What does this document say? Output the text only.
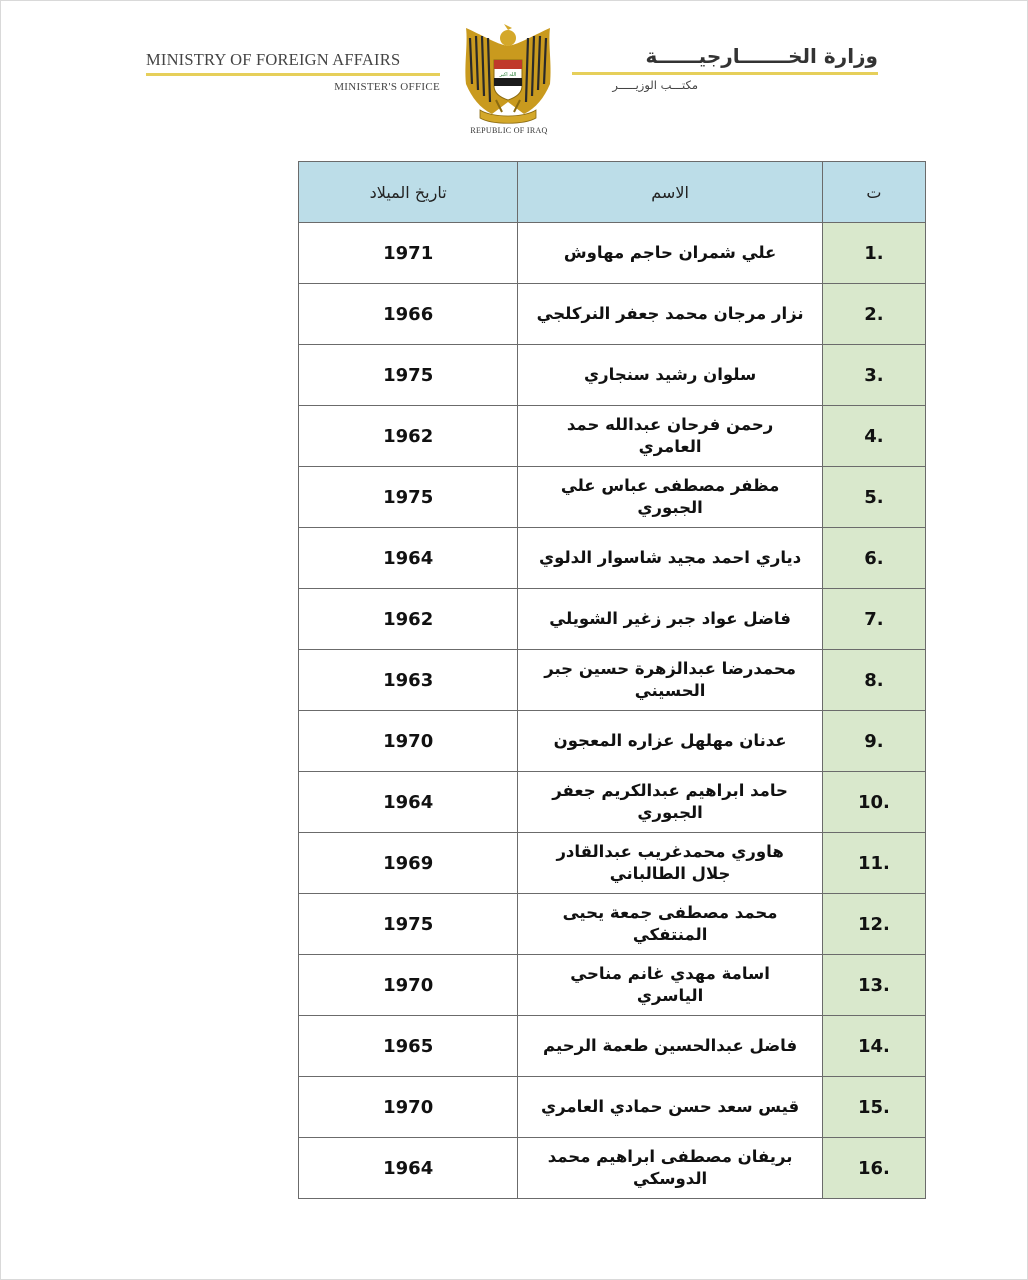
MINISTRY OF FOREIGN AFFAIRS
MINISTER'S OFFICE
الله اكبر
REPUBLIC OF IRAQ
وزارة الخـــــــارجيــــــة
مكتـــب الوزيـــــر
ت	الاسم	تاريخ الميلاد
1.	علي شمران حاجم مهاوش	1971
2.	نزار مرجان محمد جعفر النركلجي	1966
3.	سلوان رشيد سنجاري	1975
4.	رحمن فرحان عبدالله حمد العامري	1962
5.	مظفر مصطفى عباس علي الجبوري	1975
6.	دياري احمد مجيد شاسوار الدلوي	1964
7.	فاضل عواد جبر زغير الشويلي	1962
8.	محمدرضا عبدالزهرة حسين جبر الحسيني	1963
9.	عدنان مهلهل عزاره المعجون	1970
10.	حامد ابراهيم عبدالكريم جعفر الجبوري	1964
11.	هاوري محمدغريب عبدالقادر جلال الطالباني	1969
12.	محمد مصطفى جمعة يحيى المنتفكي	1975
13.	اسامة مهدي غانم مناحي الياسري	1970
14.	فاضل عبدالحسين طعمة الرحيم	1965
15.	قيس سعد حسن حمادي العامري	1970
16.	بريفان مصطفى ابراهيم محمد الدوسكي	1964
